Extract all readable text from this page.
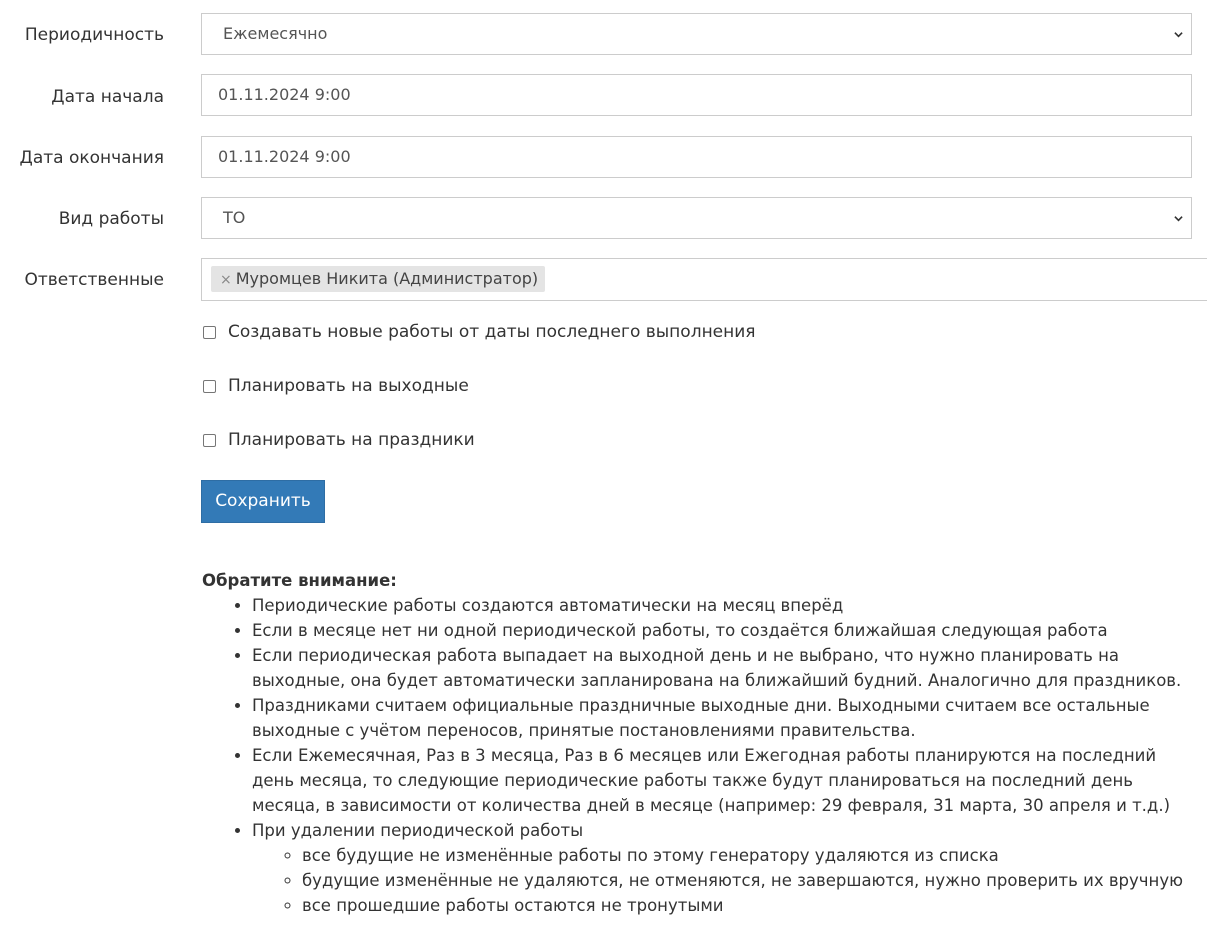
Периодичность	Ежемесячно
Дата начала	01.11.2024 9:00
Дата окончания	01.11.2024 9:00
Вид работы	ТО
Ответственные	× Муромцев Никита (Администратор)
Создавать новые работы от даты последнего выполнения
Планировать на выходные
Планировать на праздники
Сохранить
Обратите внимание:
• Периодические работы создаются автоматически на месяц вперёд
• Если в месяце нет ни одной периодической работы, то создаётся ближайшая следующая работа
• Если периодическая работа выпадает на выходной день и не выбрано, что нужно планировать на выходные, она будет автоматически запланирована на ближайший будний. Аналогично для праздников.
• Праздниками считаем официальные праздничные выходные дни. Выходными считаем все остальные выходные с учётом переносов, принятые постановлениями правительства.
• Если Ежемесячная, Раз в 3 месяца, Раз в 6 месяцев или Ежегодная работы планируются на последний день месяца, то следующие периодические работы также будут планироваться на последний день месяца, в зависимости от количества дней в месяце (например: 29 февраля, 31 марта, 30 апреля и т.д.)
• При удалении периодической работы
◦ все будущие не изменённые работы по этому генератору удаляются из списка
◦ будущие изменённые не удаляются, не отменяются, не завершаются, нужно проверить их вручную
◦ все прошедшие работы остаются не тронутыми
